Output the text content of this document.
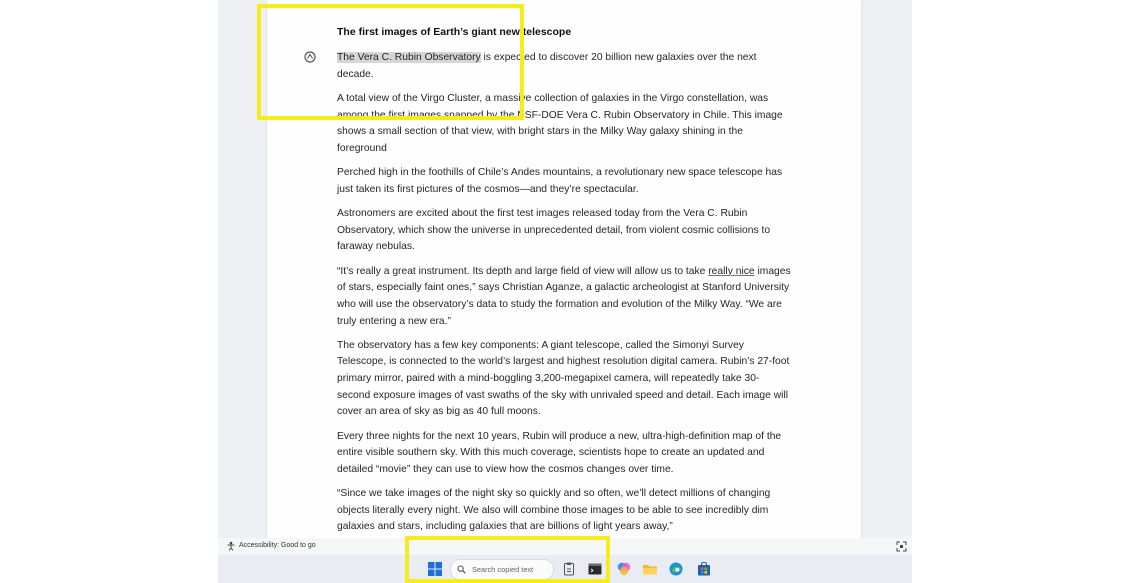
The first images of Earth’s giant new telescope

The Vera C. Rubin Observatory is expected to discover 20 billion new galaxies over the next decade.

A total view of the Virgo Cluster, a massive collection of galaxies in the Virgo constellation, was among the first images snapped by the NSF-DOE Vera C. Rubin Observatory in Chile. This image shows a small section of that view, with bright stars in the Milky Way galaxy shining in the foreground

Perched high in the foothills of Chile’s Andes mountains, a revolutionary new space telescope has just taken its first pictures of the cosmos—and they’re spectacular.

Astronomers are excited about the first test images released today from the Vera C. Rubin Observatory, which show the universe in unprecedented detail, from violent cosmic collisions to faraway nebulas.

“It’s really a great instrument. Its depth and large field of view will allow us to take really nice images of stars, especially faint ones,” says Christian Aganze, a galactic archeologist at Stanford University who will use the observatory’s data to study the formation and evolution of the Milky Way. “We are truly entering a new era.”

The observatory has a few key components: A giant telescope, called the Simonyi Survey Telescope, is connected to the world’s largest and highest resolution digital camera. Rubin’s 27-foot primary mirror, paired with a mind-boggling 3,200-megapixel camera, will repeatedly take 30-second exposure images of vast swaths of the sky with unrivaled speed and detail. Each image will cover an area of sky as big as 40 full moons.

Every three nights for the next 10 years, Rubin will produce a new, ultra-high-definition map of the entire visible southern sky. With this much coverage, scientists hope to create an updated and detailed “movie” they can use to view how the cosmos changes over time.

“Since we take images of the night sky so quickly and so often, we’ll detect millions of changing objects literally every night. We also will combine those images to be able to see incredibly dim galaxies and stars, including galaxies that are billions of light years away,”

Accessibility: Good to go
Search copied text
